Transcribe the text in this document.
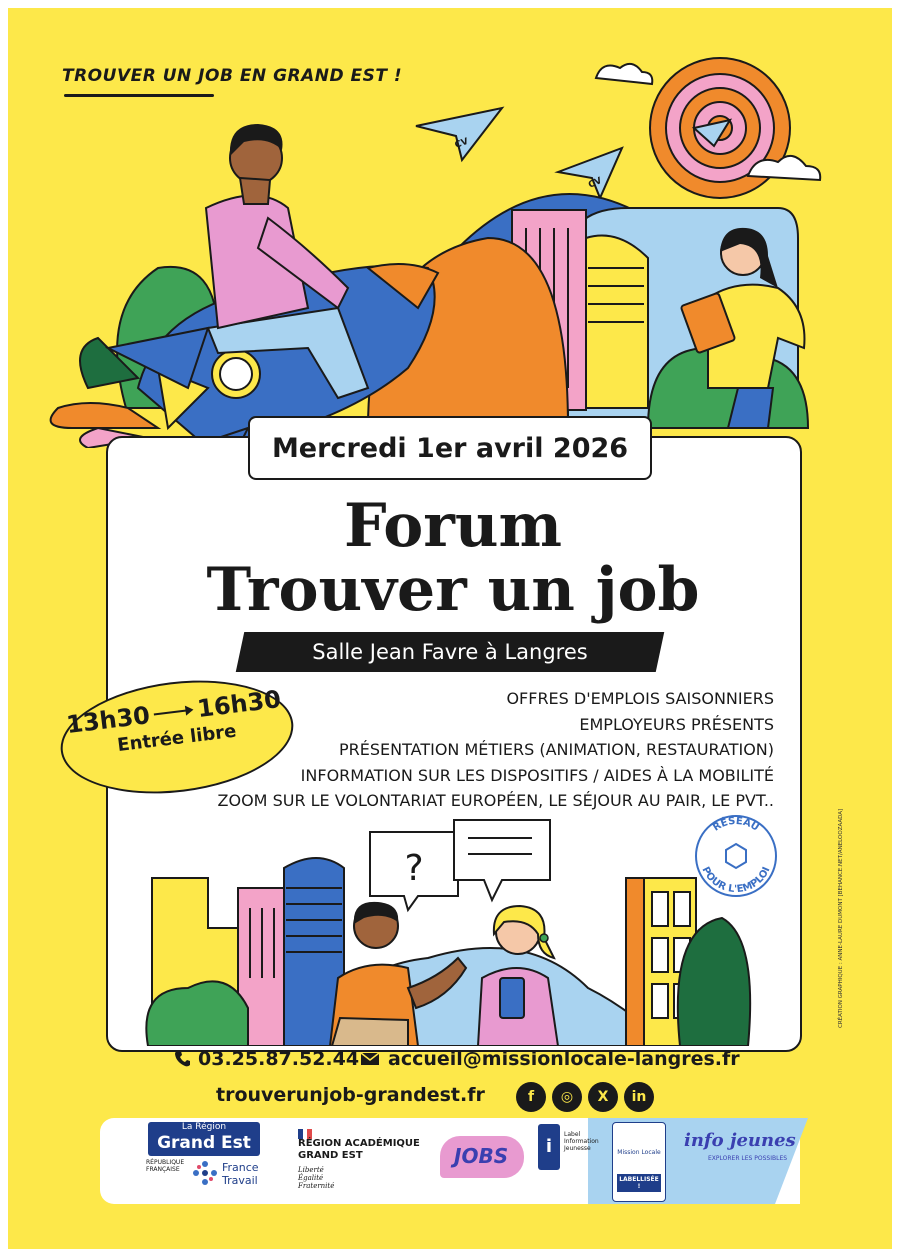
TROUVER UN JOB EN GRAND EST !
CV
CV
Mercredi 1er avril 2026
Forum
Trouver un job
Salle Jean Favre à Langres
13h30 16h30
Entrée libre
OFFRES D'EMPLOIS SAISONNIERS
EMPLOYEURS PRÉSENTS
PRÉSENTATION MÉTIERS (ANIMATION, RESTAURATION)
INFORMATION SUR LES DISPOSITIFS / AIDES À LA MOBILITÉ
ZOOM SUR LE VOLONTARIAT EUROPÉEN, LE SÉJOUR AU PAIR, LE PVT..
RÉSEAU
POUR L'EMPLOI
?
03.25.87.52.44 accueil@missionlocale-langres.fr
trouverunjob-grandest.fr	f	◎	X	in
La Région
Grand Est
RÉPUBLIQUE FRANÇAISE	France
Travail
RÉGION ACADÉMIQUE
GRAND EST
Liberté
Égalité
Fraternité
JOBS	i
Label
Information
Jeunesse
Mission Locale
LABELLISÉE !
info jeunes
EXPLORER LES POSSIBLES
CRÉATION GRAPHIQUE : ANNE-LAURE DUMONT [BEHANCE.NET/ANELOOZAADA]
